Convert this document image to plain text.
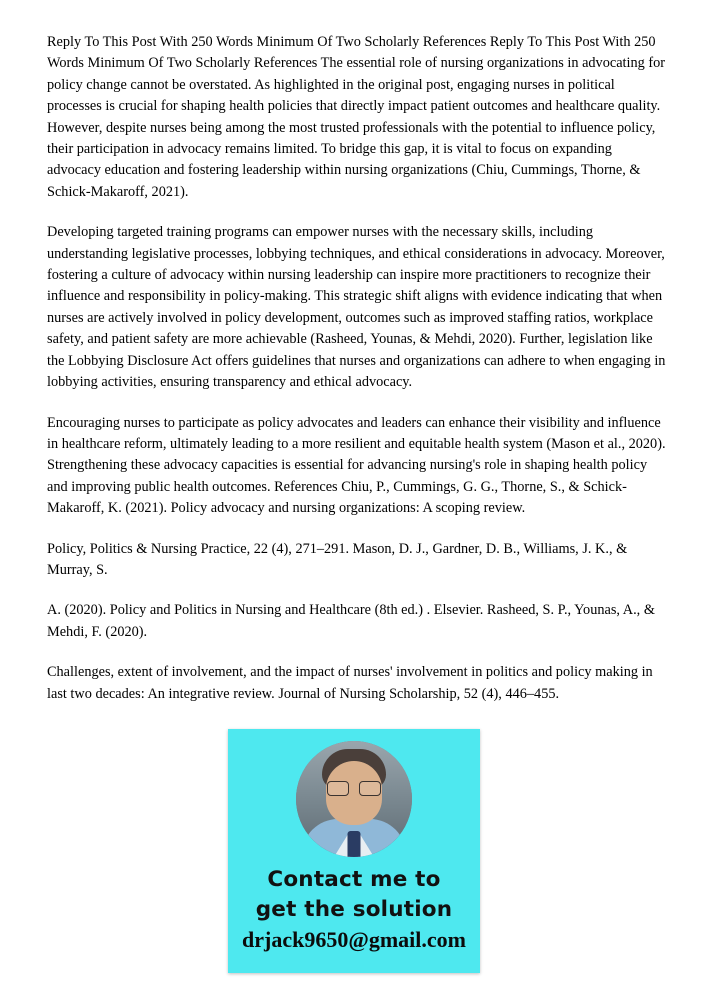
Reply To This Post With 250 Words Minimum Of Two Scholarly References Reply To This Post With 250 Words Minimum Of Two Scholarly References The essential role of nursing organizations in advocating for policy change cannot be overstated. As highlighted in the original post, engaging nurses in political processes is crucial for shaping health policies that directly impact patient outcomes and healthcare quality. However, despite nurses being among the most trusted professionals with the potential to influence policy, their participation in advocacy remains limited. To bridge this gap, it is vital to focus on expanding advocacy education and fostering leadership within nursing organizations (Chiu, Cummings, Thorne, & Schick-Makaroff, 2021).

Developing targeted training programs can empower nurses with the necessary skills, including understanding legislative processes, lobbying techniques, and ethical considerations in advocacy. Moreover, fostering a culture of advocacy within nursing leadership can inspire more practitioners to recognize their influence and responsibility in policy-making. This strategic shift aligns with evidence indicating that when nurses are actively involved in policy development, outcomes such as improved staffing ratios, workplace safety, and patient safety are more achievable (Rasheed, Younas, & Mehdi, 2020). Further, legislation like the Lobbying Disclosure Act offers guidelines that nurses and organizations can adhere to when engaging in lobbying activities, ensuring transparency and ethical advocacy.

Encouraging nurses to participate as policy advocates and leaders can enhance their visibility and influence in healthcare reform, ultimately leading to a more resilient and equitable health system (Mason et al., 2020). Strengthening these advocacy capacities is essential for advancing nursing's role in shaping health policy and improving public health outcomes. References Chiu, P., Cummings, G. G., Thorne, S., & Schick-Makaroff, K. (2021). Policy advocacy and nursing organizations: A scoping review.

Policy, Politics & Nursing Practice, 22 (4), 271–291. Mason, D. J., Gardner, D. B., Williams, J. K., & Murray, S.

A. (2020). Policy and Politics in Nursing and Healthcare (8th ed.) . Elsevier. Rasheed, S. P., Younas, A., & Mehdi, F. (2020).

Challenges, extent of involvement, and the impact of nurses' involvement in politics and policy making in last two decades: An integrative review. Journal of Nursing Scholarship, 52 (4), 446–455.

Contact me to
get the solution
drjack9650@gmail.com
